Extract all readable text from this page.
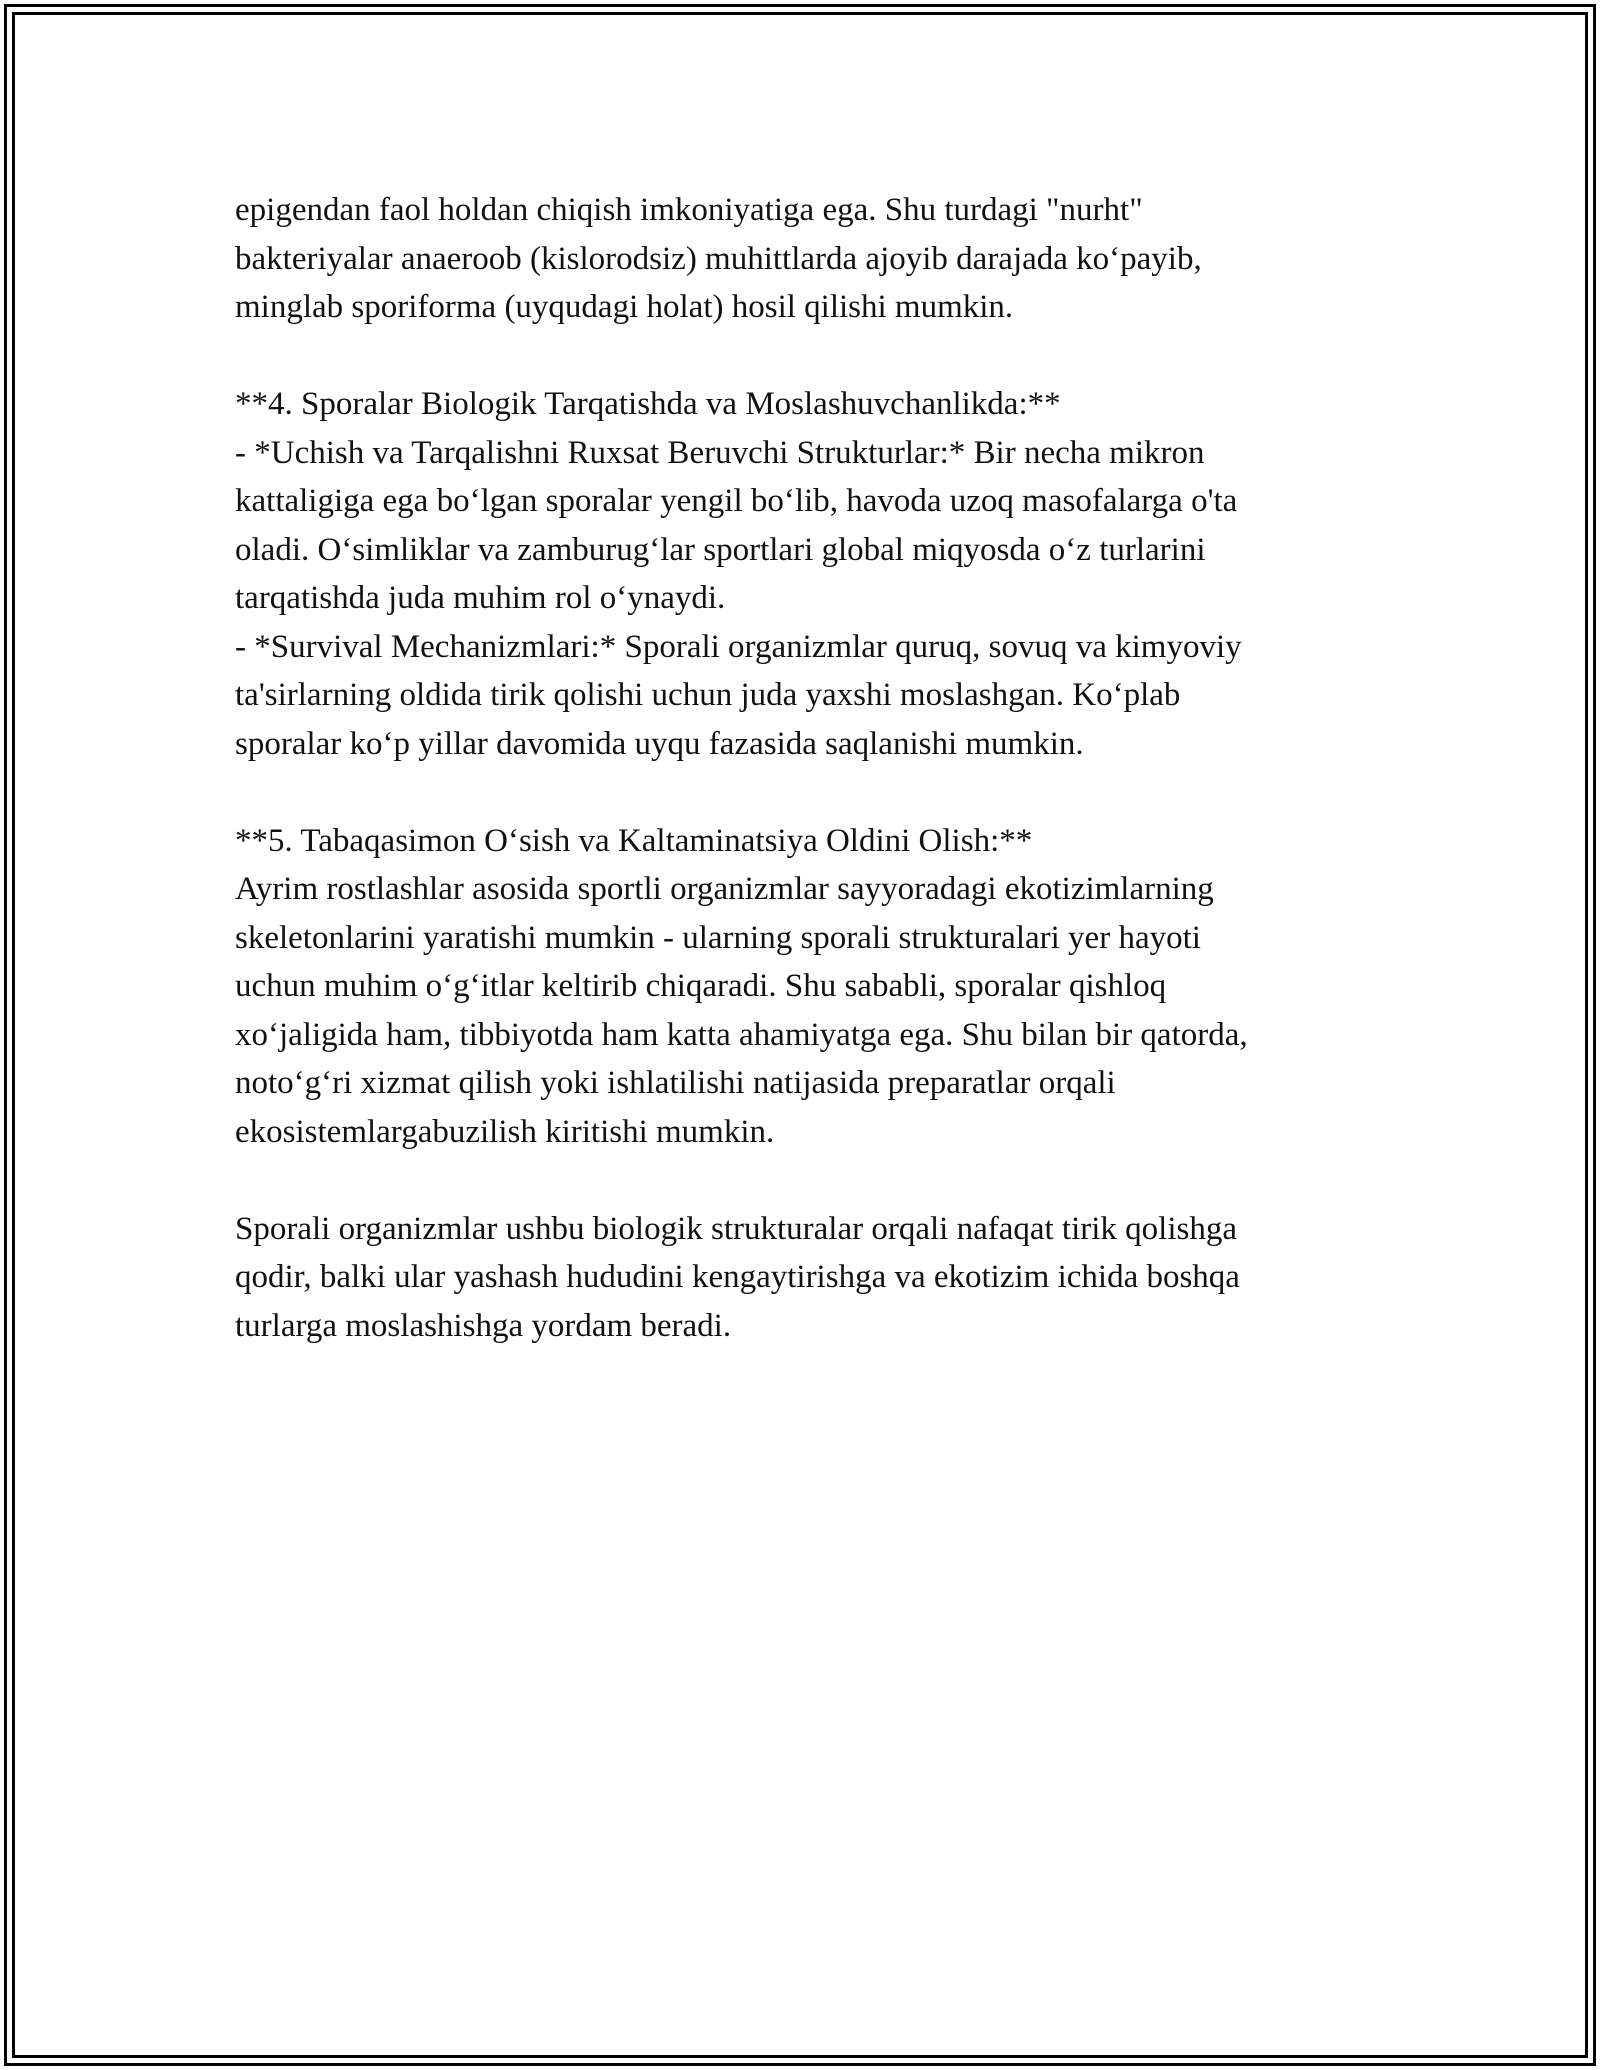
epigendan faol holdan chiqish imkoniyatiga ega. Shu turdagi "nurht"
bakteriyalar anaeroob (kislorodsiz) muhittlarda ajoyib darajada ko‘payib,
minglab sporiforma (uyqudagi holat) hosil qilishi mumkin.

**4. Sporalar Biologik Tarqatishda va Moslashuvchanlikda:**
- *Uchish va Tarqalishni Ruxsat Beruvchi Strukturlar:* Bir necha mikron
kattaligiga ega bo‘lgan sporalar yengil bo‘lib, havoda uzoq masofalarga o'ta
oladi. O‘simliklar va zamburug‘lar sportlari global miqyosda o‘z turlarini
tarqatishda juda muhim rol o‘ynaydi.
- *Survival Mechanizmlari:* Sporali organizmlar quruq, sovuq va kimyoviy
ta'sirlarning oldida tirik qolishi uchun juda yaxshi moslashgan. Ko‘plab
sporalar ko‘p yillar davomida uyqu fazasida saqlanishi mumkin.

**5. Tabaqasimon O‘sish va Kaltaminatsiya Oldini Olish:**
Ayrim rostlashlar asosida sportli organizmlar sayyoradagi ekotizimlarning
skeletonlarini yaratishi mumkin - ularning sporali strukturalari yer hayoti
uchun muhim o‘g‘itlar keltirib chiqaradi. Shu sababli, sporalar qishloq
xo‘jaligida ham, tibbiyotda ham katta ahamiyatga ega. Shu bilan bir qatorda,
noto‘g‘ri xizmat qilish yoki ishlatilishi natijasida preparatlar orqali
ekosistemlargabuzilish kiritishi mumkin.

Sporali organizmlar ushbu biologik strukturalar orqali nafaqat tirik qolishga
qodir, balki ular yashash hududini kengaytirishga va ekotizim ichida boshqa
turlarga moslashishga yordam beradi.
